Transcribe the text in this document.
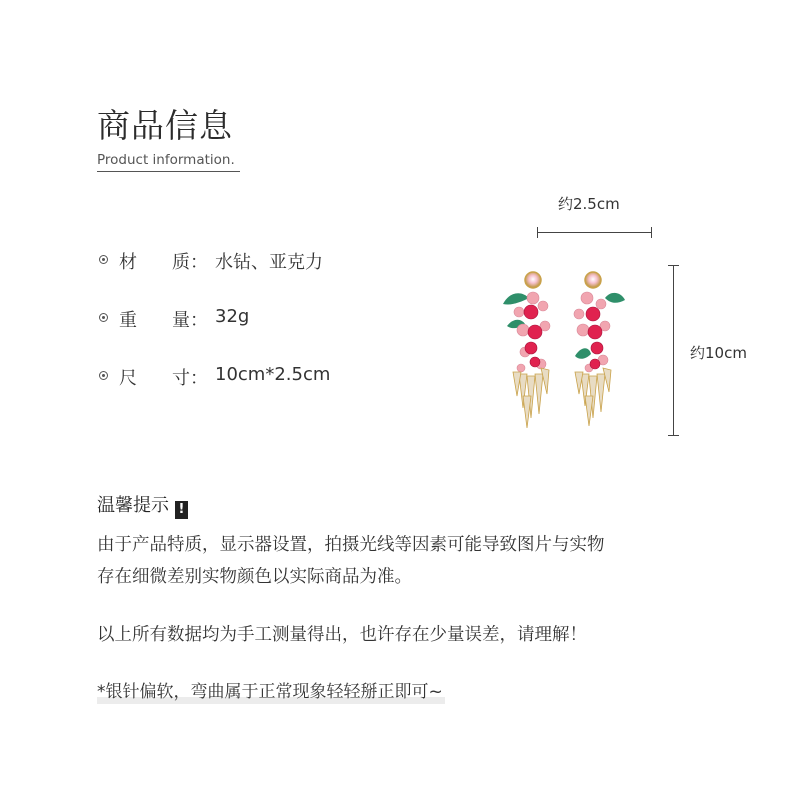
商品信息
Product information.
材 质 ： 水钻、亚克力
重 量 ： 32g
尺 寸 ： 10cm*2.5cm
约2.5cm
约10cm
温馨提示 !

由于产品特质，显示器设置，拍摄光线等因素可能导致图片与实物

存在细微差别实物颜色以实际商品为准。

以上所有数据均为手工测量得出，也许存在少量误差，请理解！

*银针偏软，弯曲属于正常现象轻轻掰正即可~
